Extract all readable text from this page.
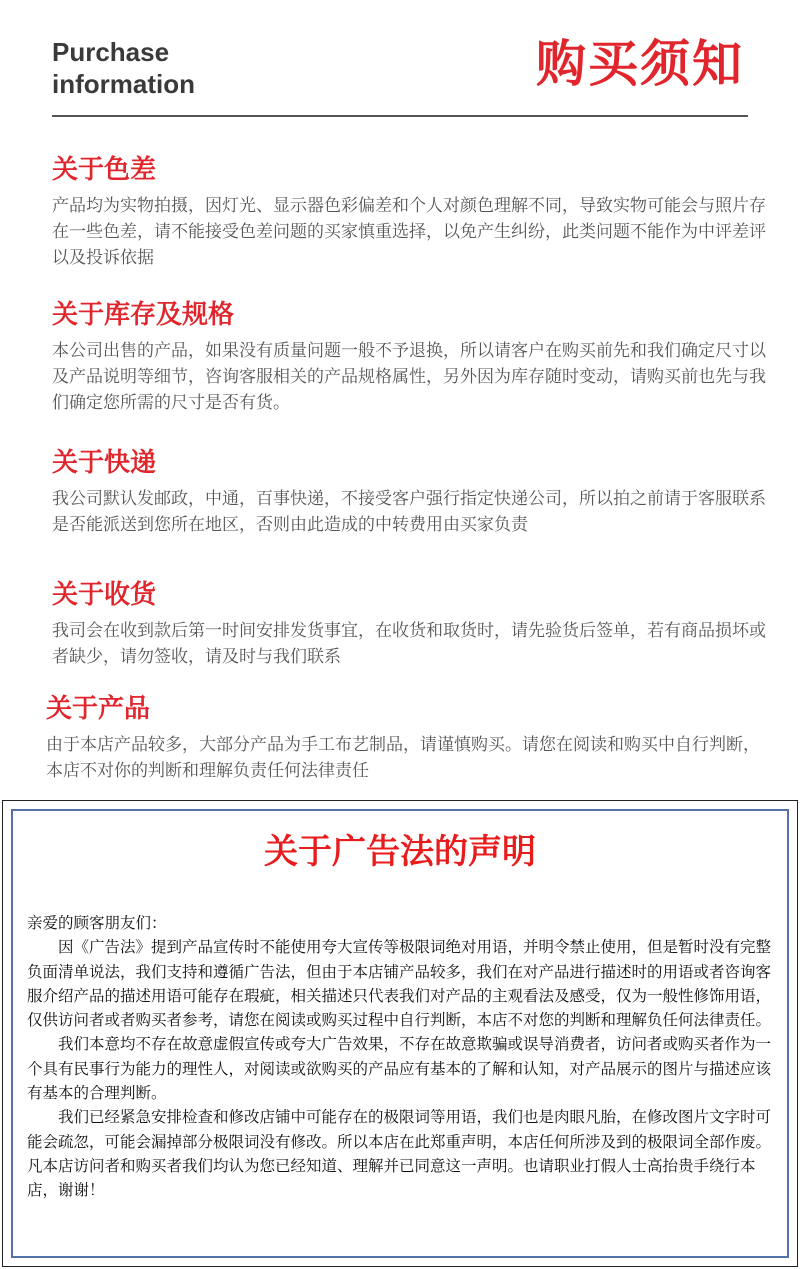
Purchase
information	购买须知
关于色差

产品均为实物拍摄，因灯光、显示器色彩偏差和个人对颜色理解不同，导致实物可能会与照片存在一些色差，请不能接受色差问题的买家慎重选择，以免产生纠纷，此类问题不能作为中评差评以及投诉依据

关于库存及规格

本公司出售的产品，如果没有质量问题一般不予退换，所以请客户在购买前先和我们确定尺寸以及产品说明等细节，咨询客服相关的产品规格属性，另外因为库存随时变动，请购买前也先与我们确定您所需的尺寸是否有货。

关于快递

我公司默认发邮政，中通，百事快递，不接受客户强行指定快递公司，所以拍之前请于客服联系是否能派送到您所在地区，否则由此造成的中转费用由买家负责

关于收货

我司会在收到款后第一时间安排发货事宜，在收货和取货时，请先验货后签单，若有商品损坏或者缺少，请勿签收，请及时与我们联系

关于产品

由于本店产品较多，大部分产品为手工布艺制品，请谨慎购买。请您在阅读和购买中自行判断，本店不对你的判断和理解负责任何法律责任

关于广告法的声明
亲爱的顾客朋友们：
因《广告法》提到产品宣传时不能使用夸大宣传等极限词绝对用语，并明令禁止使用，但是暂时没有完整负面清单说法，我们支持和遵循广告法，但由于本店铺产品较多，我们在对产品进行描述时的用语或者咨询客服介绍产品的描述用语可能存在瑕疵，相关描述只代表我们对产品的主观看法及感受，仅为一般性修饰用语，仅供访问者或者购买者参考，请您在阅读或购买过程中自行判断，本店不对您的判断和理解负任何法律责任。
我们本意均不存在故意虚假宣传或夸大广告效果，不存在故意欺骗或误导消费者，访问者或购买者作为一个具有民事行为能力的理性人，对阅读或欲购买的产品应有基本的了解和认知，对产品展示的图片与描述应该有基本的合理判断。
我们已经紧急安排检查和修改店铺中可能存在的极限词等用语，我们也是肉眼凡胎，在修改图片文字时可能会疏忽，可能会漏掉部分极限词没有修改。所以本店在此郑重声明，本店任何所涉及到的极限词全部作废。凡本店访问者和购买者我们均认为您已经知道、理解并已同意这一声明。也请职业打假人士高抬贵手绕行本店，谢谢！
